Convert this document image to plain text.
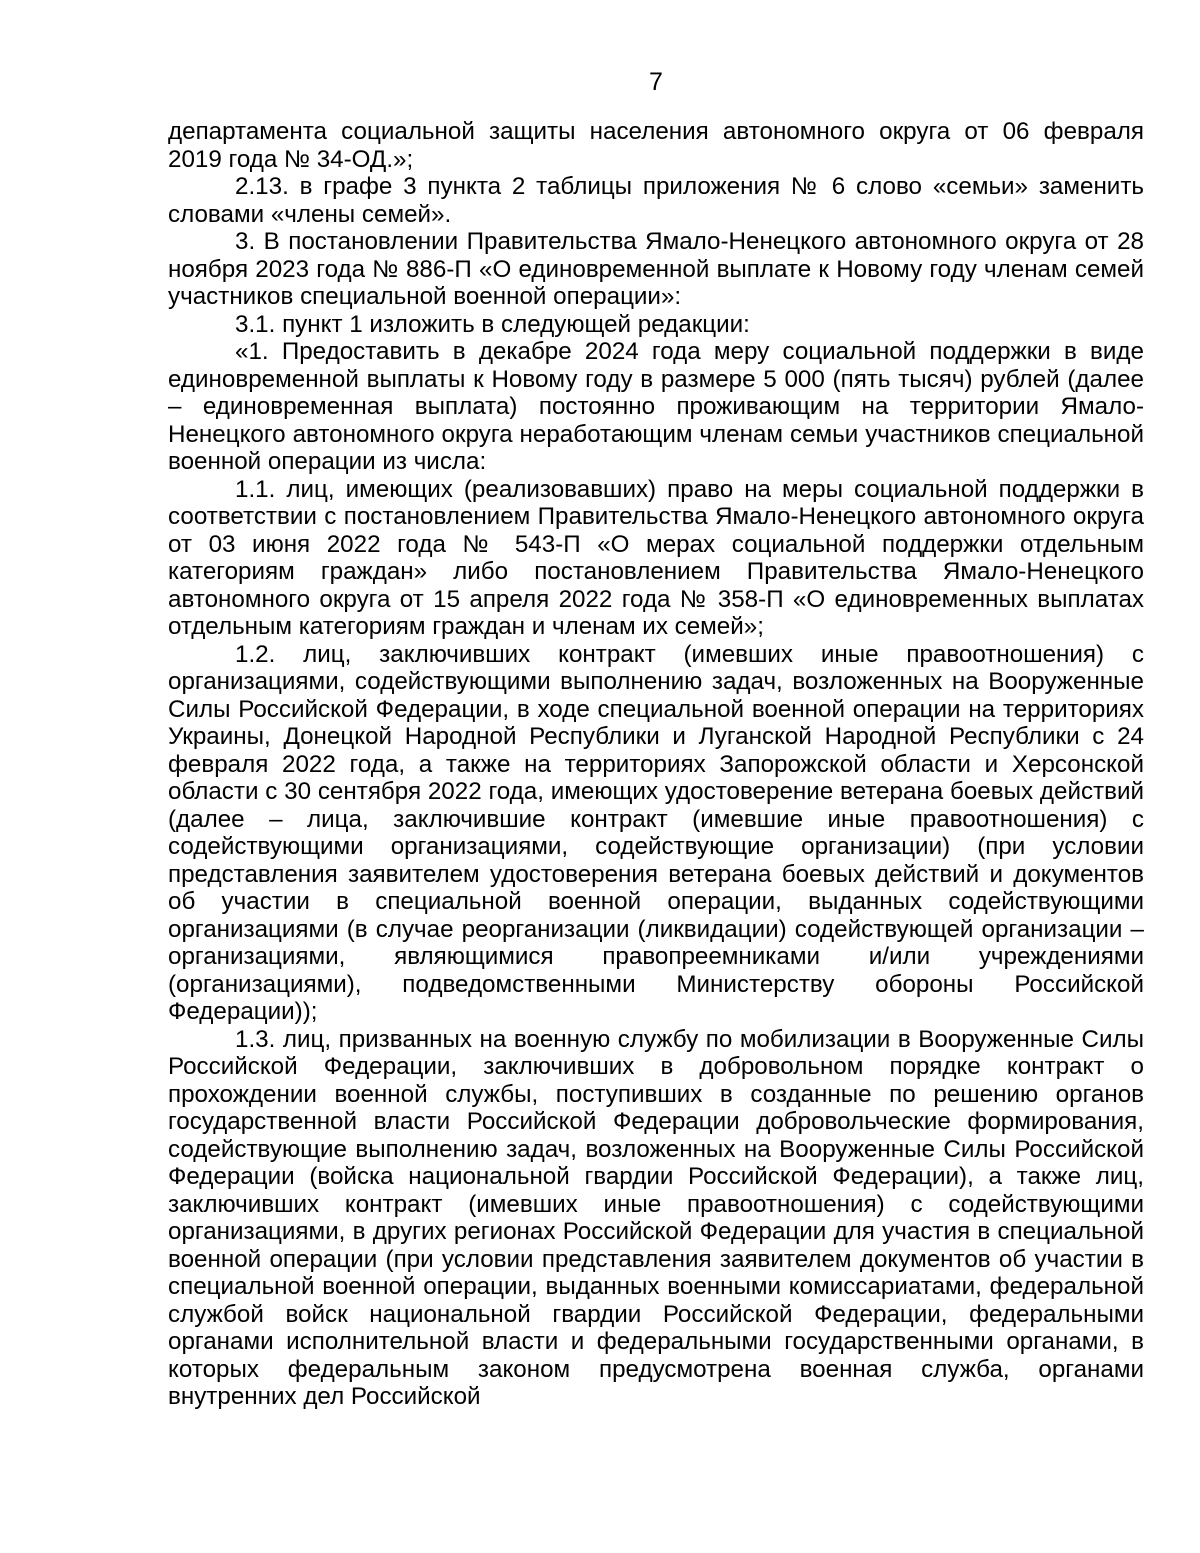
7

департамента социальной защиты населения автономного округа от 06 февраля 2019 года № 34-ОД.»;

2.13. в графе 3 пункта 2 таблицы приложения № 6 слово «семьи» заменить словами «члены семей».

3. В постановлении Правительства Ямало-Ненецкого автономного округа от 28 ноября 2023 года № 886-П «О единовременной выплате к Новому году членам семей участников специальной военной операции»:

3.1. пункт 1 изложить в следующей редакции:

«1. Предоставить в декабре 2024 года меру социальной поддержки в виде единовременной выплаты к Новому году в размере 5 000 (пять тысяч) рублей (далее – единовременная выплата) постоянно проживающим на территории Ямало-Ненецкого автономного округа неработающим членам семьи участников специальной военной операции из числа:

1.1. лиц, имеющих (реализовавших) право на меры социальной поддержки в соответствии с постановлением Правительства Ямало-Ненецкого автономного округа от 03 июня 2022 года № 543-П «О мерах социальной поддержки отдельным категориям граждан» либо постановлением Правительства Ямало-Ненецкого автономного округа от 15 апреля 2022 года № 358-П «О единовременных выплатах отдельным категориям граждан и членам их семей»;

1.2. лиц, заключивших контракт (имевших иные правоотношения) с организациями, содействующими выполнению задач, возложенных на Вооруженные Силы Российской Федерации, в ходе специальной военной операции на территориях Украины, Донецкой Народной Республики и Луганской Народной Республики с 24 февраля 2022 года, а также на территориях Запорожской области и Херсонской области с 30 сентября 2022 года, имеющих удостоверение ветерана боевых действий (далее – лица, заключившие контракт (имевшие иные правоотношения) с содействующими организациями, содействующие организации) (при условии представления заявителем удостоверения ветерана боевых действий и документов об участии в специальной военной операции, выданных содействующими организациями (в случае реорганизации (ликвидации) содействующей организации – организациями, являющимися правопреемниками и/или учреждениями (организациями), подведомственными Министерству обороны Российской Федерации));

1.3. лиц, призванных на военную службу по мобилизации в Вооруженные Силы Российской Федерации, заключивших в добровольном порядке контракт о прохождении военной службы, поступивших в созданные по решению органов государственной власти Российской Федерации добровольческие формирования, содействующие выполнению задач, возложенных на Вооруженные Силы Российской Федерации (войска национальной гвардии Российской Федерации), а также лиц, заключивших контракт (имевших иные правоотношения) с содействующими организациями, в других регионах Российской Федерации для участия в специальной военной операции (при условии представления заявителем документов об участии в специальной военной операции, выданных военными комиссариатами, федеральной службой войск национальной гвардии Российской Федерации, федеральными органами исполнительной власти и федеральными государственными органами, в которых федеральным законом предусмотрена военная служба, органами внутренних дел Российской
